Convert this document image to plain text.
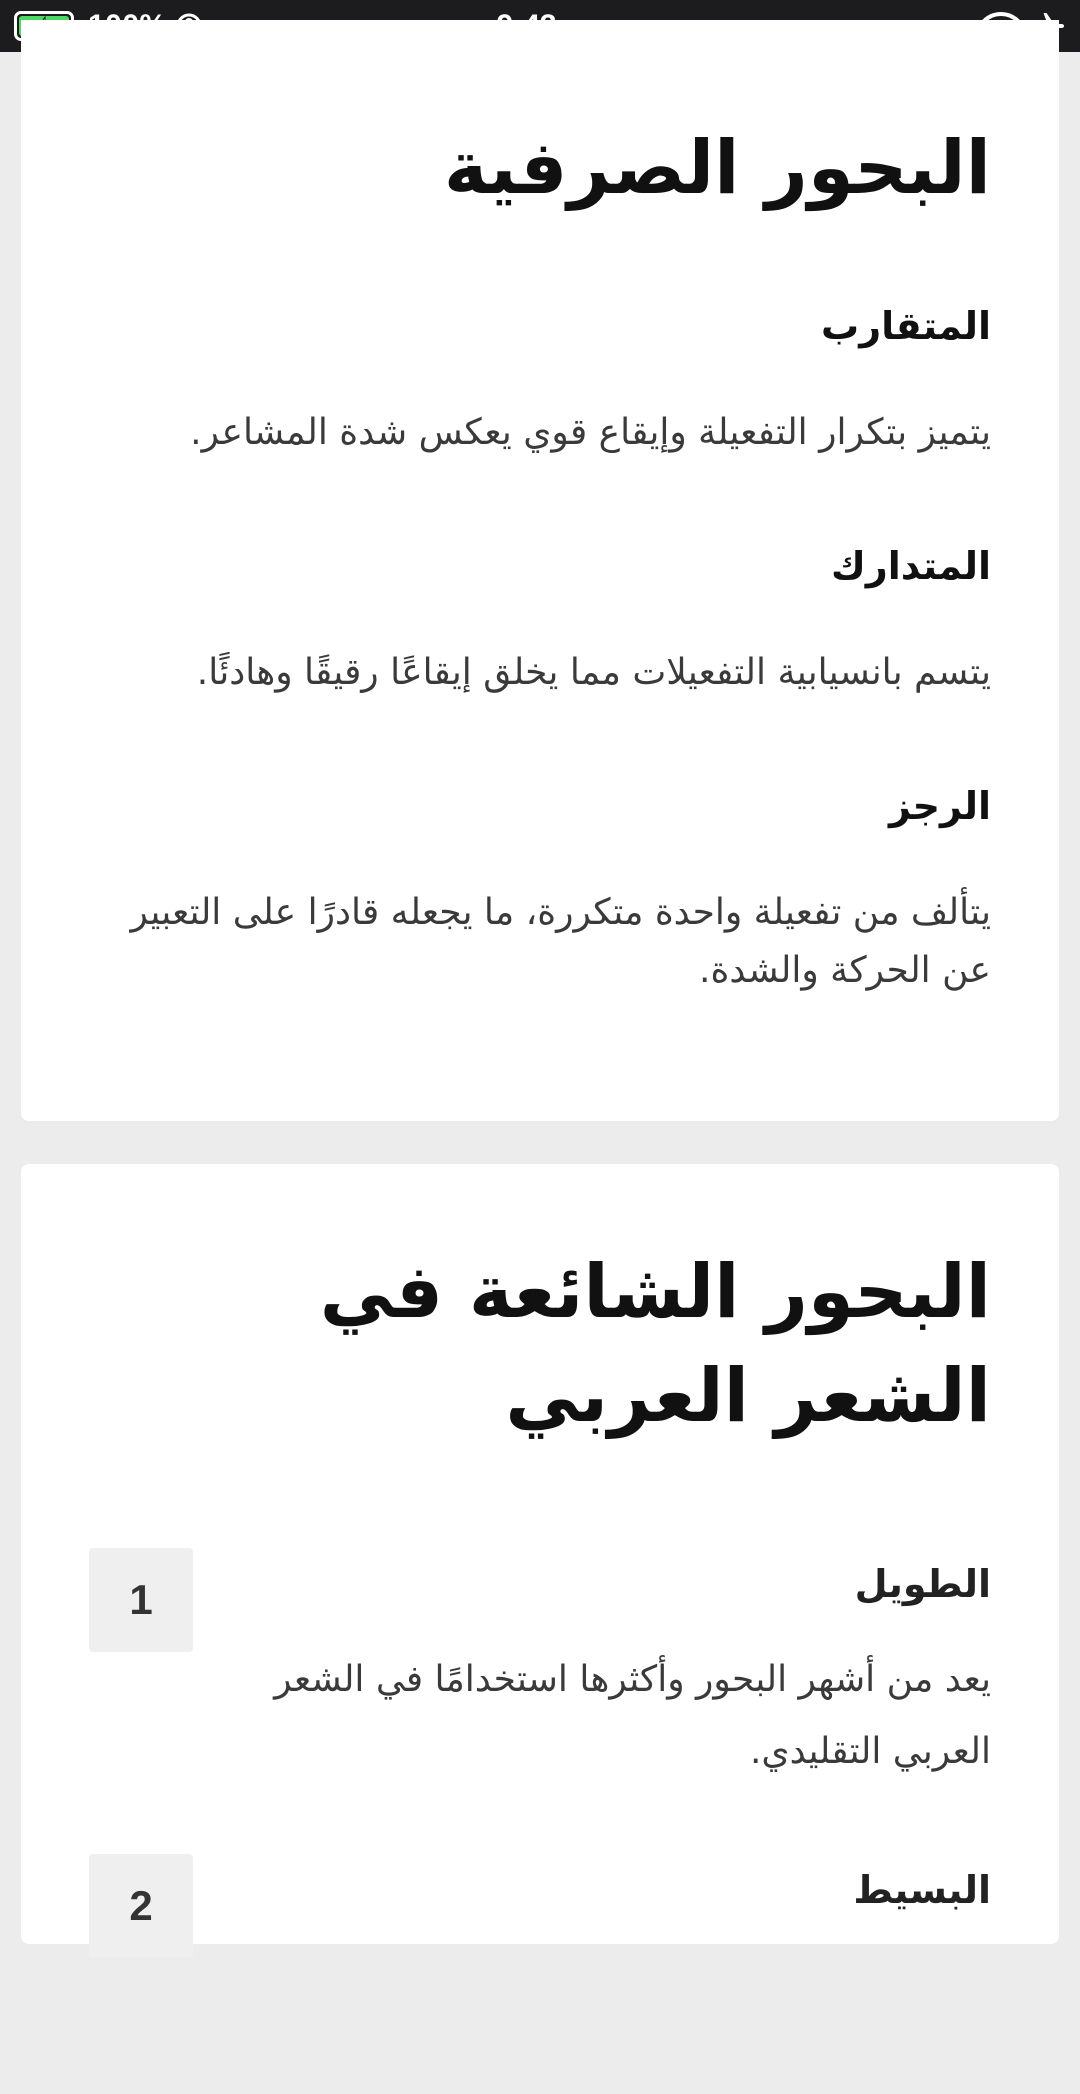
البحور الصرفية
المتقارب

يتميز بتكرار التفعيلة وإيقاع قوي يعكس شدة المشاعر.

المتدارك

يتسم بانسيابية التفعيلات مما يخلق إيقاعًا رقيقًا وهادئًا.

الرجز

يتألف من تفعيلة واحدة متكررة، ما يجعله قادرًا على التعبير عن الحركة والشدة.

البحور الشائعة في الشعر العربي
1	الطويل

يعد من أشهر البحور وأكثرها استخدامًا في الشعر العربي التقليدي.

2	البسيط
